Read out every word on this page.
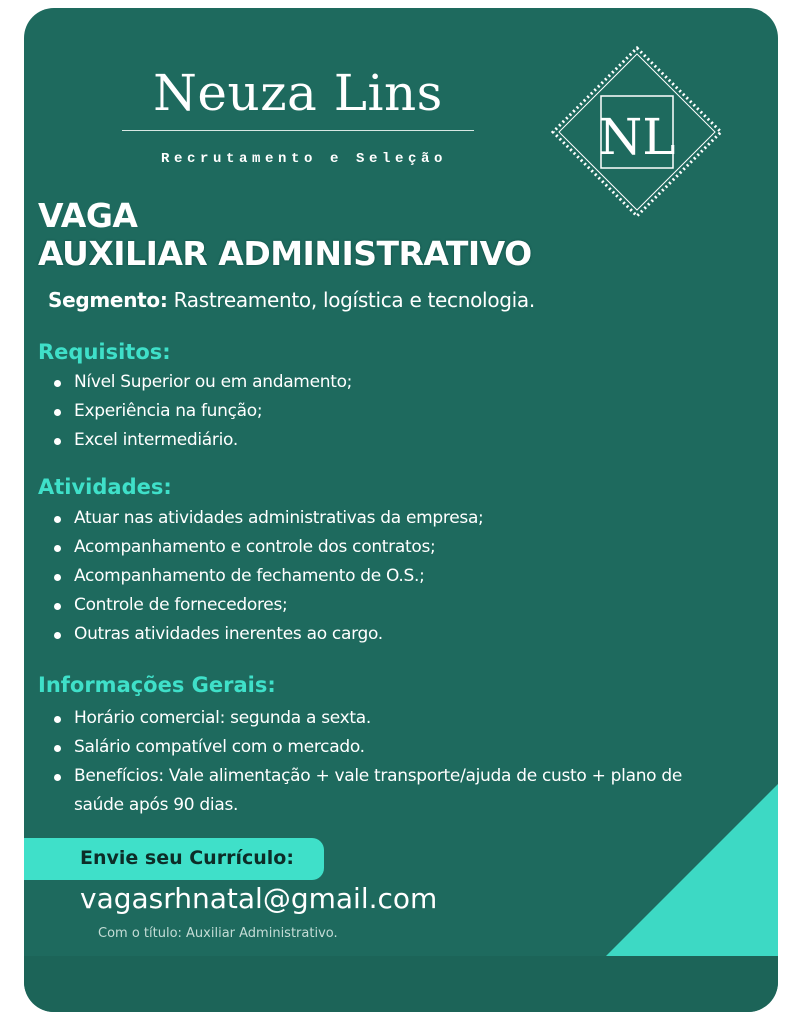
Neuza Lins
Recrutamento e Seleção	NL
VAGA
AUXILIAR ADMINISTRATIVO
Segmento: Rastreamento, logística e tecnologia.
Requisitos:
Nível Superior ou em andamento;
Experiência na função;
Excel intermediário.
Atividades:
Atuar nas atividades administrativas da empresa;
Acompanhamento e controle dos contratos;
Acompanhamento de fechamento de O.S.;
Controle de fornecedores;
Outras atividades inerentes ao cargo.
Informações Gerais:
Horário comercial: segunda a sexta.
Salário compatível com o mercado.
Benefícios: Vale alimentação + vale transporte/ajuda de custo + plano de saúde após 90 dias.
Envie seu Currículo:
vagasrhnatal@gmail.com
Com o título: Auxiliar Administrativo.
